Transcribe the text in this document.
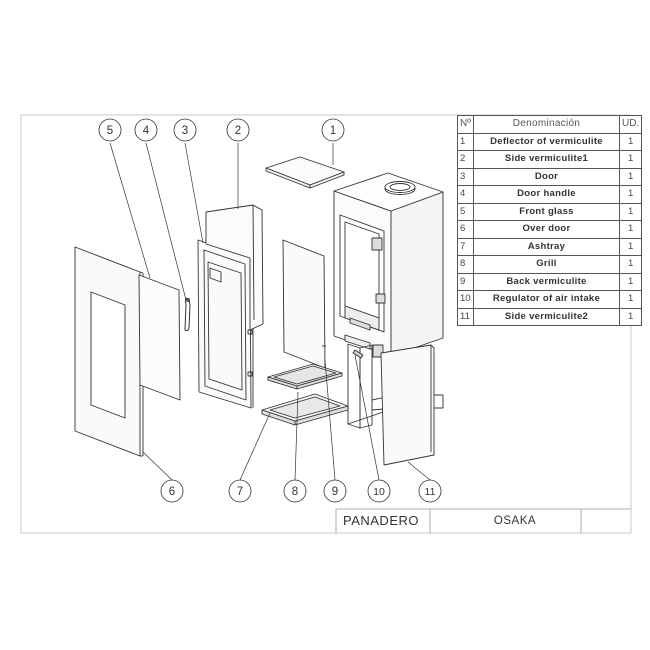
1
2
3
4
5
6	7	8	9	10	11
Nº	Denominación	UD.
1	Deflector of vermiculite	1
2	Side vermiculite1	1
3	Door	1
4	Door handle	1
5	Front glass	1
6	Over door	1
7	Ashtray	1
8	Grill	1
9	Back vermiculite	1
10	Regulator of air intake	1
11	Side vermiculite2	1
PANADERO	OSAKA
